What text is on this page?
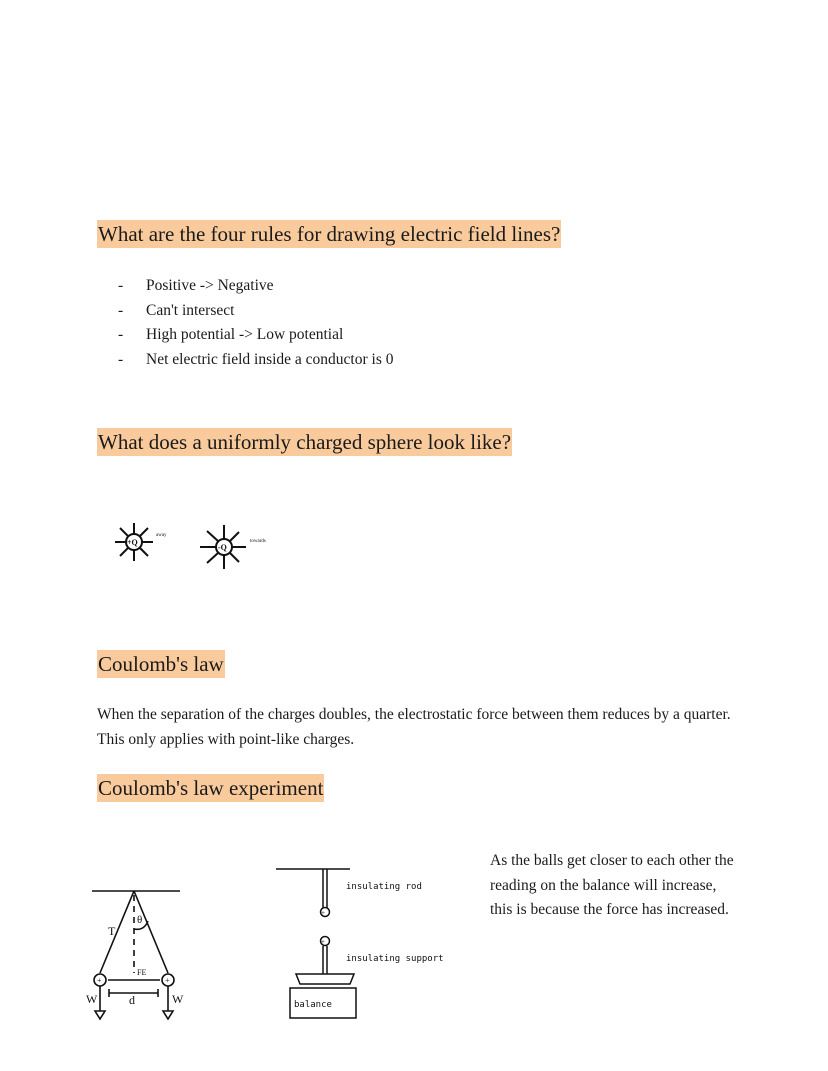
What are the four rules for drawing electric field lines?
- Positive -> Negative
- Can't intersect
- High potential -> Low potential
- Net electric field inside a conductor is 0
What does a uniformly charged sphere look like?
+Q
away
-Q
towards
Coulomb's law
When the separation of the charges doubles, the electrostatic force between them reduces by a quarter.
This only applies with point-like charges.
Coulomb's law experiment
T
θ
FE
d
W	W
+	+
+
+
insulating rod
insulating support
balance
As the balls get closer to each other the
reading on the balance will increase,
this is because the force has increased.
